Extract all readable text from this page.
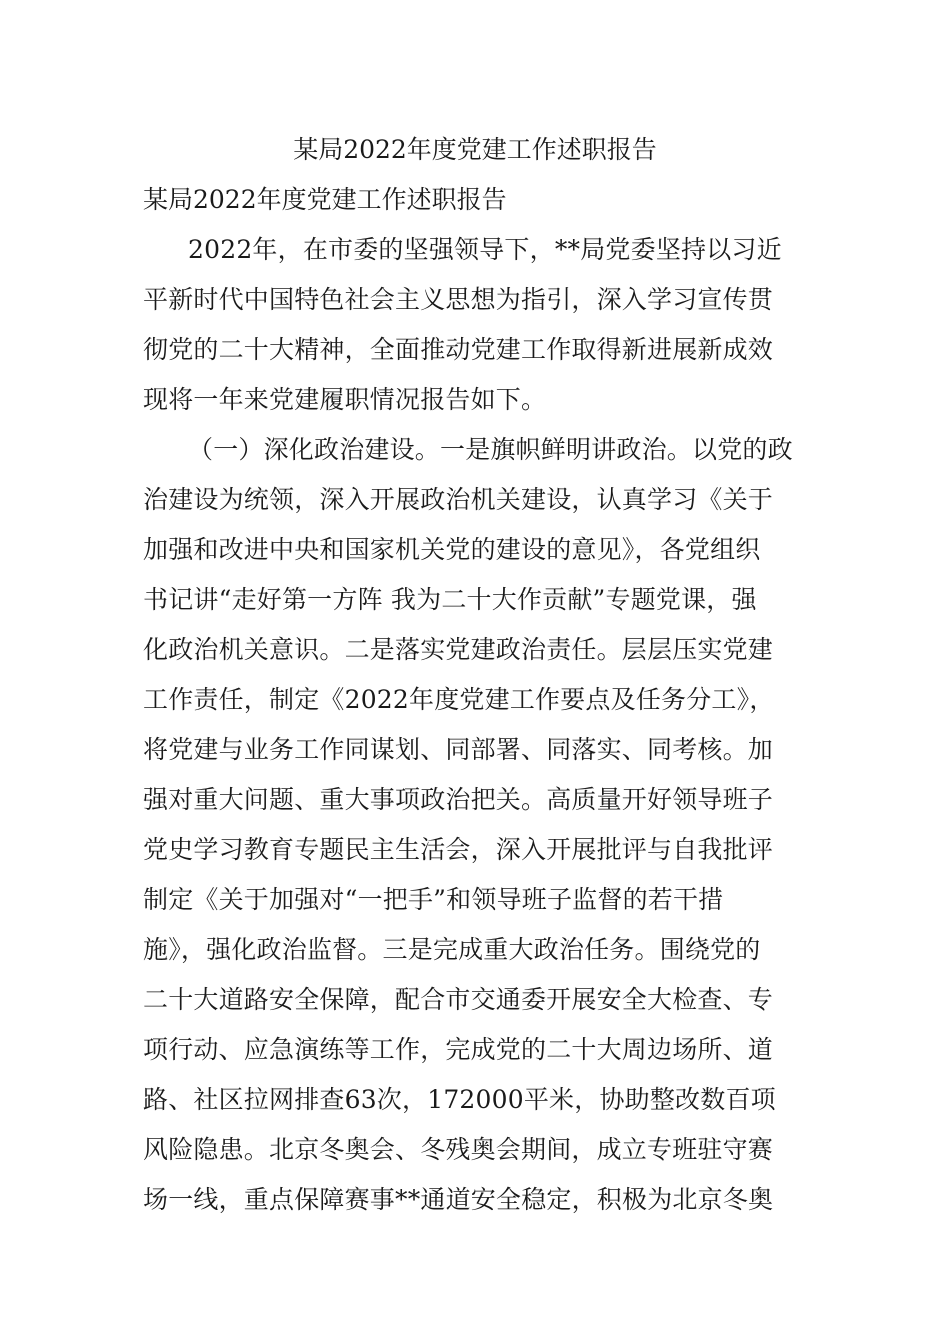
某局2022年度党建工作述职报告
某局2022年度党建工作述职报告
2022年，在市委的坚强领导下，**局党委坚持以习近
平新时代中国特色社会主义思想为指引，深入学习宣传贯
彻党的二十大精神，全面推动党建工作取得新进展新成效
现将一年来党建履职情况报告如下。
（一）深化政治建设。一是旗帜鲜明讲政治。以党的政
治建设为统领，深入开展政治机关建设，认真学习《关于
加强和改进中央和国家机关党的建设的意见》，各党组织
书记讲“走好第一方阵 我为二十大作贡献”专题党课，强
化政治机关意识。二是落实党建政治责任。层层压实党建
工作责任，制定《2022年度党建工作要点及任务分工》，
将党建与业务工作同谋划、同部署、同落实、同考核。加
强对重大问题、重大事项政治把关。高质量开好领导班子
党史学习教育专题民主生活会，深入开展批评与自我批评
制定《关于加强对“一把手”和领导班子监督的若干措
施》，强化政治监督。三是完成重大政治任务。围绕党的
二十大道路安全保障，配合市交通委开展安全大检查、专
项行动、应急演练等工作，完成党的二十大周边场所、道
路、社区拉网排查63次，172000平米，协助整改数百项
风险隐患。北京冬奥会、冬残奥会期间，成立专班驻守赛
场一线，重点保障赛事**通道安全稳定，积极为北京冬奥
